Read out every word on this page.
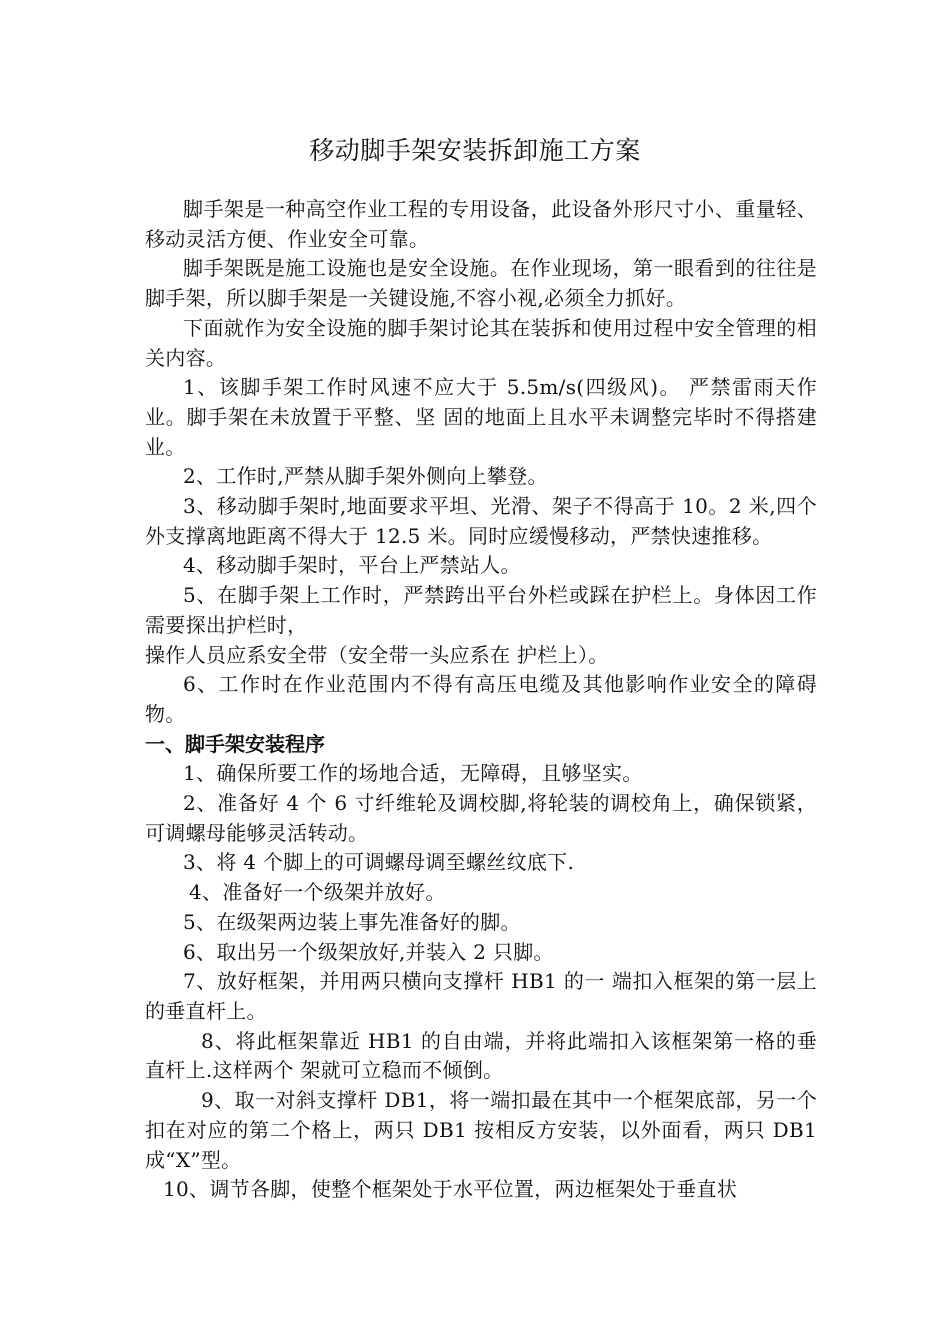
移动脚手架安装拆卸施工方案

脚手架是一种高空作业工程的专用设备，此设备外形尺寸小、重量轻、移动灵活方便、作业安全可靠。

脚手架既是施工设施也是安全设施。在作业现场，第一眼看到的往往是脚手架，所以脚手架是一关键设施,不容小视,必须全力抓好。

下面就作为安全设施的脚手架讨论其在装拆和使用过程中安全管理的相关内容。

1、该脚手架工作时风速不应大于 5.5m/s(四级风)。 严禁雷雨天作业。脚手架在未放置于平整、坚 固的地面上且水平未调整完毕时不得搭建业。

2、工作时,严禁从脚手架外侧向上攀登。

3、移动脚手架时,地面要求平坦、光滑、架子不得高于 10。2 米,四个外支撑离地距离不得大于 12.5 米。同时应缓慢移动，严禁快速推移。

4、移动脚手架时，平台上严禁站人。

5、在脚手架上工作时，严禁跨出平台外栏或踩在护栏上。身体因工作需要探出护栏时，

操作人员应系安全带（安全带一头应系在 护栏上）。

6、工作时在作业范围内不得有高压电缆及其他影响作业安全的障碍物。

一、脚手架安装程序

1、确保所要工作的场地合适，无障碍，且够坚实。

2、准备好 4 个 6 寸纤维轮及调校脚,将轮装的调校角上，确保锁紧，可调螺母能够灵活转动。

3、将 4 个脚上的可调螺母调至螺丝纹底下.

4、准备好一个级架并放好。

5、在级架两边装上事先准备好的脚。

6、取出另一个级架放好,并装入 2 只脚。

7、放好框架，并用两只横向支撑杆 HB1 的一 端扣入框架的第一层上的垂直杆上。

8、将此框架靠近 HB1 的自由端，并将此端扣入该框架第一格的垂直杆上.这样两个 架就可立稳而不倾倒。

9、取一对斜支撑杆 DB1，将一端扣最在其中一个框架底部，另一个扣在对应的第二个格上，两只 DB1 按相反方安装，以外面看，两只 DB1 成“X”型。

10、调节各脚，使整个框架处于水平位置，两边框架处于垂直状
